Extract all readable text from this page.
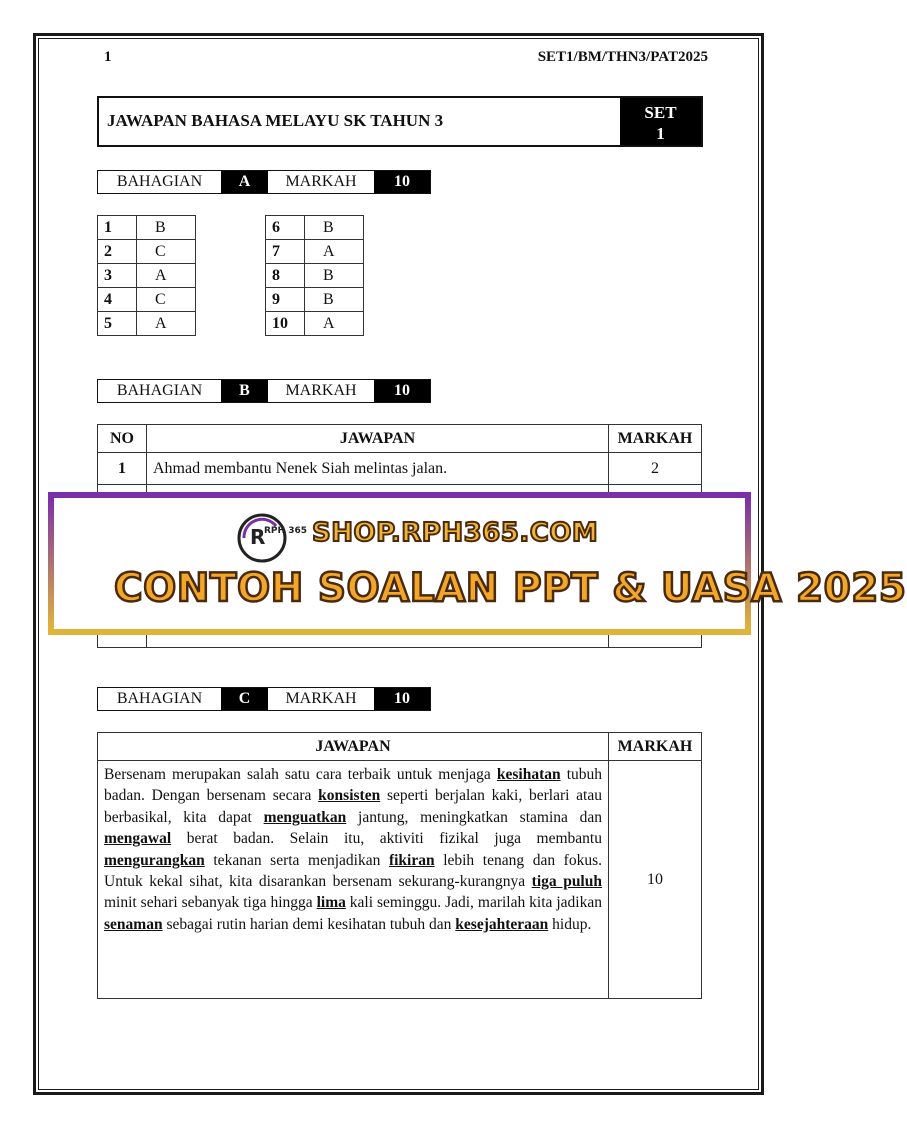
1	SET1/BM/THN3/PAT2025
JAWAPAN BAHASA MELAYU SK TAHUN 3	SET
1
BAHAGIAN	A	MARKAH	10
1	B
2	C
3	A
4	C
5	A
6	B
7	A
8	B
9	B
10	A
BAHAGIAN	B	MARKAH	10
NO	JAWAPAN	MARKAH
1	Ahmad membantu Nenek Siah melintas jalan.	2

R
RPH 365 SHOP.RPH365.COM
CONTOH SOALAN PPT & UASA 2025
BAHAGIAN	C	MARKAH	10
JAWAPAN	MARKAH

Bersenam merupakan salah satu cara terbaik untuk menjaga kesihatan tubuh badan. Dengan bersenam secara konsisten seperti berjalan kaki, berlari atau berbasikal, kita dapat menguatkan jantung, meningkatkan stamina dan mengawal berat badan. Selain itu, aktiviti fizikal juga membantu mengurangkan tekanan serta menjadikan fikiran lebih tenang dan fokus. Untuk kekal sihat, kita disarankan bersenam sekurang-kurangnya tiga puluh minit sehari sebanyak tiga hingga lima kali seminggu. Jadi, marilah kita jadikan senaman sebagai rutin harian demi kesihatan tubuh dan kesejahteraan hidup.	10
